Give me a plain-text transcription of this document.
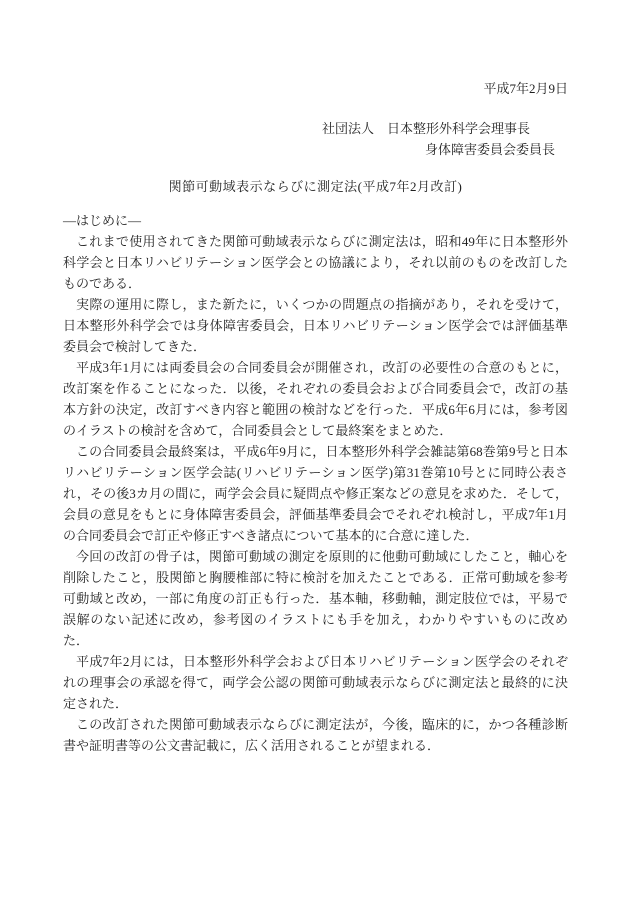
平成7年2月9日
社団法人　日本整形外科学会理事長
身体障害委員会委員長
関節可動域表示ならびに測定法(平成7年2月改訂)
—はじめに—

これまで使用されてきた関節可動域表示ならびに測定法は，昭和49年に日本整形外科学会と日本リハビリテーション医学会との協議により，それ以前のものを改訂したものである．

実際の運用に際し，また新たに，いくつかの問題点の指摘があり，それを受けて，日本整形外科学会では身体障害委員会，日本リハビリテーション医学会では評価基準委員会で検討してきた．

平成3年1月には両委員会の合同委員会が開催され，改訂の必要性の合意のもとに，改訂案を作ることになった．以後，それぞれの委員会および合同委員会で，改訂の基本方針の決定，改訂すべき内容と範囲の検討などを行った．平成6年6月には，参考図のイラストの検討を含めて，合同委員会として最終案をまとめた．

この合同委員会最終案は，平成6年9月に，日本整形外科学会雑誌第68巻第9号と日本リハビリテーション医学会誌(リハビリテーション医学)第31巻第10号とに同時公表され，その後3カ月の間に，両学会会員に疑問点や修正案などの意見を求めた．そして，会員の意見をもとに身体障害委員会，評価基準委員会でそれぞれ検討し，平成7年1月の合同委員会で訂正や修正すべき諸点について基本的に合意に達した．

今回の改訂の骨子は，関節可動域の測定を原則的に他動可動域にしたこと，軸心を削除したこと，股関節と胸腰椎部に特に検討を加えたことである．正常可動域を参考可動域と改め，一部に角度の訂正も行った．基本軸，移動軸，測定肢位では，平易で誤解のない記述に改め，参考図のイラストにも手を加え，わかりやすいものに改めた．

平成7年2月には，日本整形外科学会および日本リハビリテーション医学会のそれぞれの理事会の承認を得て，両学会公認の関節可動域表示ならびに測定法と最終的に決定された．

この改訂された関節可動域表示ならびに測定法が，今後，臨床的に，かつ各種診断書や証明書等の公文書記載に，広く活用されることが望まれる．
